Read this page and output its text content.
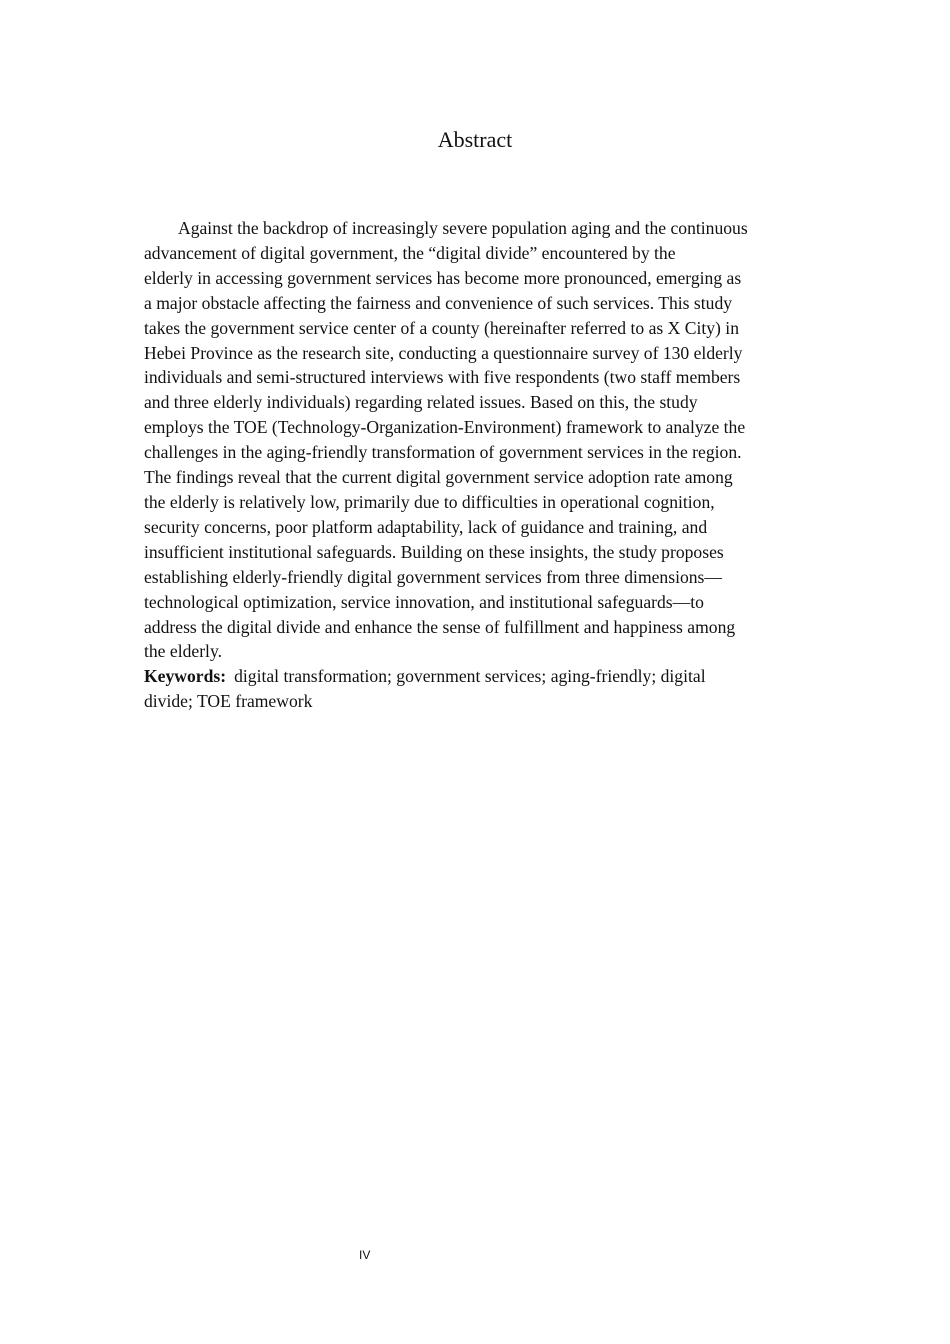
Abstract

Against the backdrop of increasingly severe population aging and the continuous
advancement of digital government, the “digital divide” encountered by the
elderly in accessing government services has become more pronounced, emerging as
a major obstacle affecting the fairness and convenience of such services. This study
takes the government service center of a county (hereinafter referred to as X City) in
Hebei Province as the research site, conducting a questionnaire survey of 130 elderly
individuals and semi-structured interviews with five respondents (two staff members
and three elderly individuals) regarding related issues. Based on this, the study
employs the TOE (Technology-Organization-Environment) framework to analyze the
challenges in the aging-friendly transformation of government services in the region.
The findings reveal that the current digital government service adoption rate among
the elderly is relatively low, primarily due to difficulties in operational cognition,
security concerns, poor platform adaptability, lack of guidance and training, and
insufficient institutional safeguards. Building on these insights, the study proposes
establishing elderly-friendly digital government services from three dimensions—
technological optimization, service innovation, and institutional safeguards—to
address the digital divide and enhance the sense of fulfillment and happiness among
the elderly.

Keywords: digital transformation; government services; aging-friendly; digital
divide; TOE framework

IV
